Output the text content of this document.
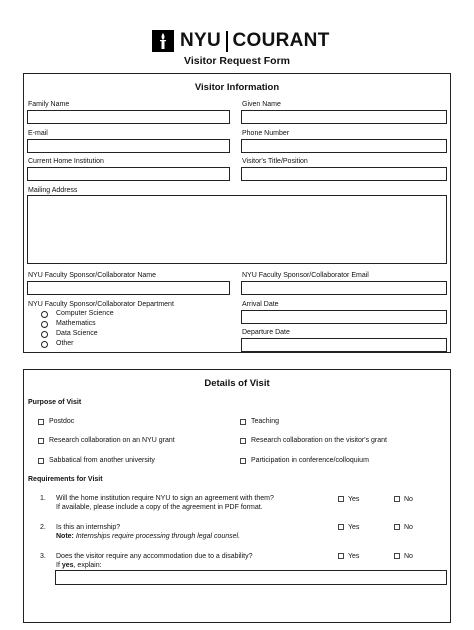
NYU COURANT
Visitor Request Form
Visitor Information
Family Name	Given Name
E-mail	Phone Number
Current Home Institution	Visitor's Title/Position
Mailing Address
NYU Faculty Sponsor/Collaborator Name	NYU Faculty Sponsor/Collaborator Email
NYU Faculty Sponsor/Collaborator Department
Computer Science
Mathematics
Data Science
Other
Arrival Date
Departure Date
Details of Visit
Purpose of Visit
Postdoc	Teaching
Research collaboration on an NYU grant	Research collaboration on the visitor's grant
Sabbatical from another university	Participation in conference/colloquium
Requirements for Visit
1. Will the home institution require NYU to sign an agreement with them?
If available, please include a copy of the agreement in PDF format.
Yes	No
2. Is this an internship?
Note: Internships require processing through legal counsel.
Yes	No
3. Does the visitor require any accommodation due to a disability?
If yes, explain:
Yes	No
